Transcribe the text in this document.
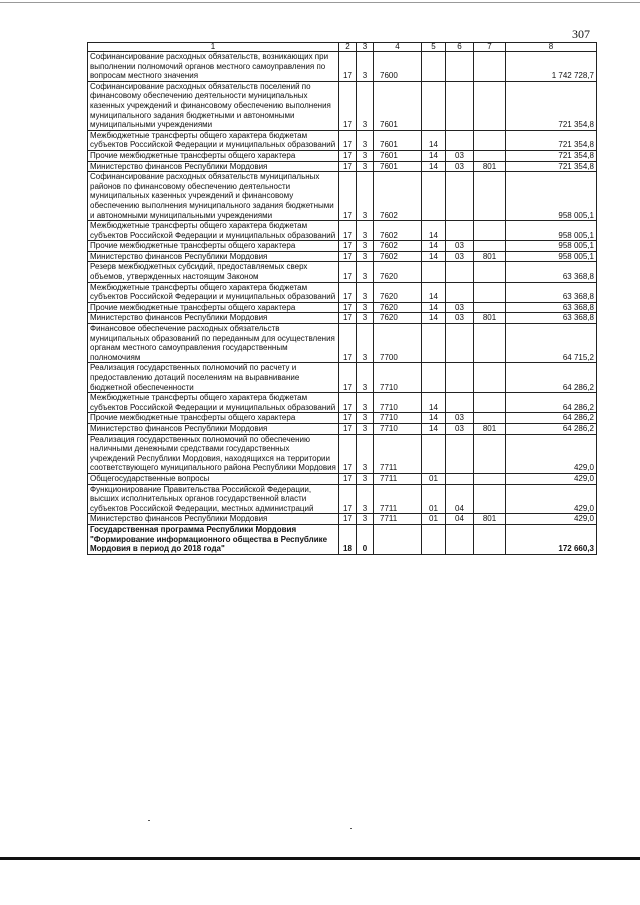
307
1	2	3	4	5	6	7	8
Софинансирование расходных обязательств, возникающих при выполнении полномочий органов местного самоуправления по вопросам местного значения	17	3	7600				1 742 728,7
Софинансирование расходных обязательств поселений по финансовому обеспечению деятельности муниципальных казенных учреждений и финансовому обеспечению выполнения муниципального задания бюджетными и автономными муниципальными учреждениями	17	3	7601				721 354,8
Межбюджетные трансферты общего характера бюджетам субъектов Российской Федерации и муниципальных образований	17	3	7601	14			721 354,8
Прочие межбюджетные трансферты общего характера	17	3	7601	14	03		721 354,8
Министерство финансов Республики Мордовия	17	3	7601	14	03	801	721 354,8
Софинансирование расходных обязательств муниципальных районов по финансовому обеспечению деятельности муниципальных казенных учреждений и финансовому обеспечению выполнения муниципального задания бюджетными и автономными муниципальными учреждениями	17	3	7602				958 005,1
Межбюджетные трансферты общего характера бюджетам субъектов Российской Федерации и муниципальных образований	17	3	7602	14			958 005,1
Прочие межбюджетные трансферты общего характера	17	3	7602	14	03		958 005,1
Министерство финансов Республики Мордовия	17	3	7602	14	03	801	958 005,1
Резерв межбюджетных субсидий, предоставляемых сверх объемов, утвержденных настоящим Законом	17	3	7620				63 368,8
Межбюджетные трансферты общего характера бюджетам субъектов Российской Федерации и муниципальных образований	17	3	7620	14			63 368,8
Прочие межбюджетные трансферты общего характера	17	3	7620	14	03		63 368,8
Министерство финансов Республики Мордовия	17	3	7620	14	03	801	63 368,8
Финансовое обеспечение расходных обязательств муниципальных образований по переданным для осуществления органам местного самоуправления государственным полномочиям	17	3	7700				64 715,2
Реализация государственных полномочий по расчету и предоставлению дотаций поселениям на выравнивание бюджетной обеспеченности	17	3	7710				64 286,2
Межбюджетные трансферты общего характера бюджетам субъектов Российской Федерации и муниципальных образований	17	3	7710	14			64 286,2
Прочие межбюджетные трансферты общего характера	17	3	7710	14	03		64 286,2
Министерство финансов Республики Мордовия	17	3	7710	14	03	801	64 286,2
Реализация государственных полномочий по обеспечению наличными денежными средствами государственных учреждений Республики Мордовия, находящихся на территории соответствующего муниципального района Республики Мордовия	17	3	7711				429,0
Общегосударственные вопросы	17	3	7711	01			429,0
Функционирование Правительства Российской Федерации, высших исполнительных органов государственной власти субъектов Российской Федерации, местных администраций	17	3	7711	01	04		429,0
Министерство финансов Республики Мордовия	17	3	7711	01	04	801	429,0
Государственная программа Республики Мордовия "Формирование информационного общества в Республике Мордовия в период до 2018 года"	18	0					172 660,3
